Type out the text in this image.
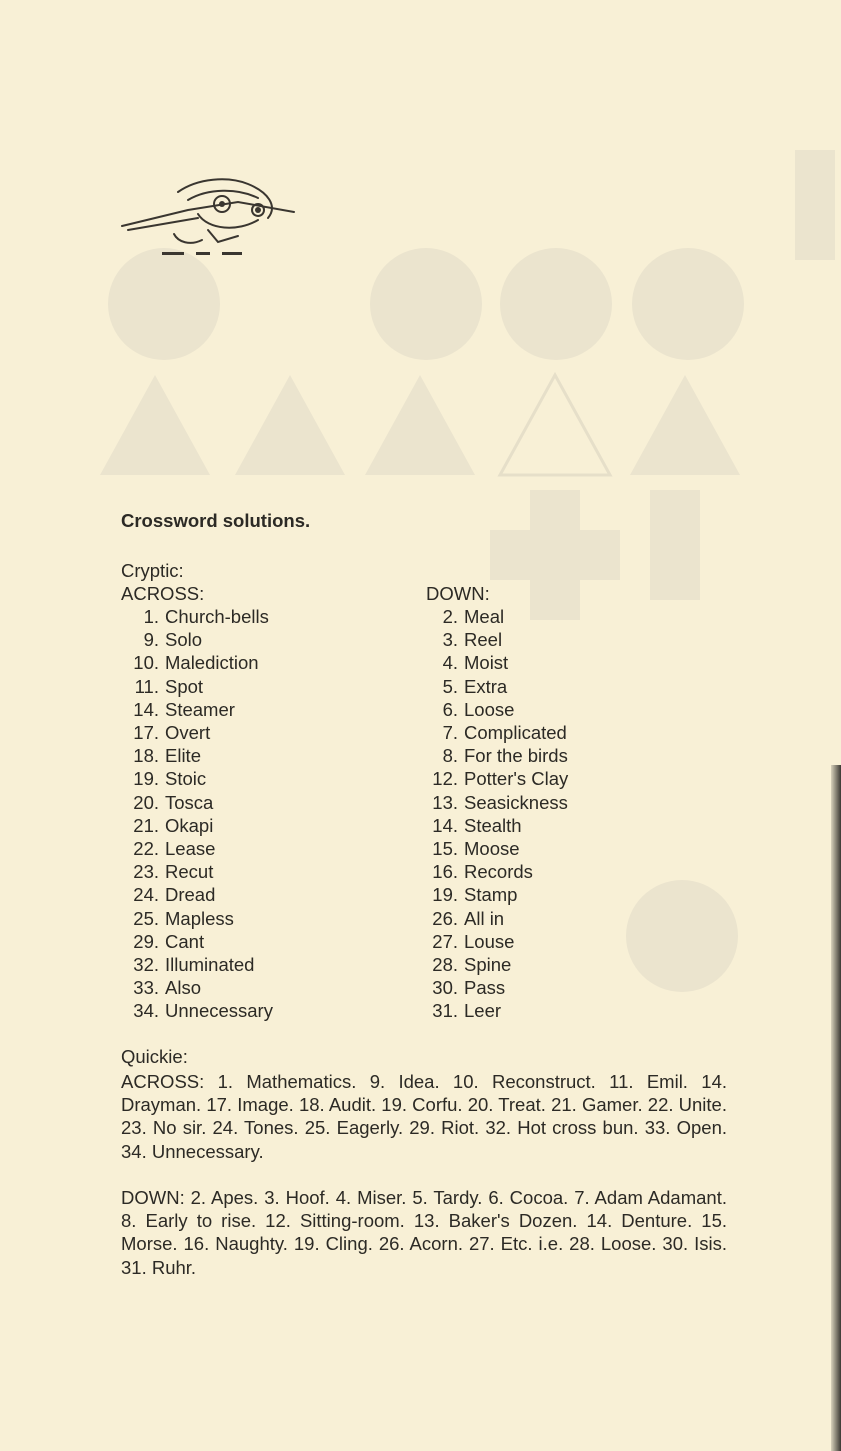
Crossword solutions.
Cryptic:
ACROSS:	DOWN:
1. Church-bells
9. Solo
10. Malediction
11. Spot
14. Steamer
17. Overt
18. Elite
19. Stoic
20. Tosca
21. Okapi
22. Lease
23. Recut
24. Dread
25. Mapless
29. Cant
32. Illuminated
33. Also
34. Unnecessary
2. Meal
3. Reel
4. Moist
5. Extra
6. Loose
7. Complicated
8. For the birds
12. Potter's Clay
13. Seasickness
14. Stealth
15. Moose
16. Records
19. Stamp
26. All in
27. Louse
28. Spine
30. Pass
31. Leer
Quickie:
ACROSS: 1. Mathematics. 9. Idea. 10. Reconstruct. 11. Emil. 14. Drayman. 17. Image. 18. Audit. 19. Corfu. 20. Treat. 21. Gamer. 22. Unite. 23. No sir. 24. Tones. 25. Eagerly. 29. Riot. 32. Hot cross bun. 33. Open. 34. Unnecessary.
DOWN: 2. Apes. 3. Hoof. 4. Miser. 5. Tardy. 6. Cocoa. 7. Adam Adamant. 8. Early to rise. 12. Sitting-room. 13. Baker's Dozen. 14. Denture. 15. Morse. 16. Naughty. 19. Cling. 26. Acorn. 27. Etc. i.e. 28. Loose. 30. Isis. 31. Ruhr.
